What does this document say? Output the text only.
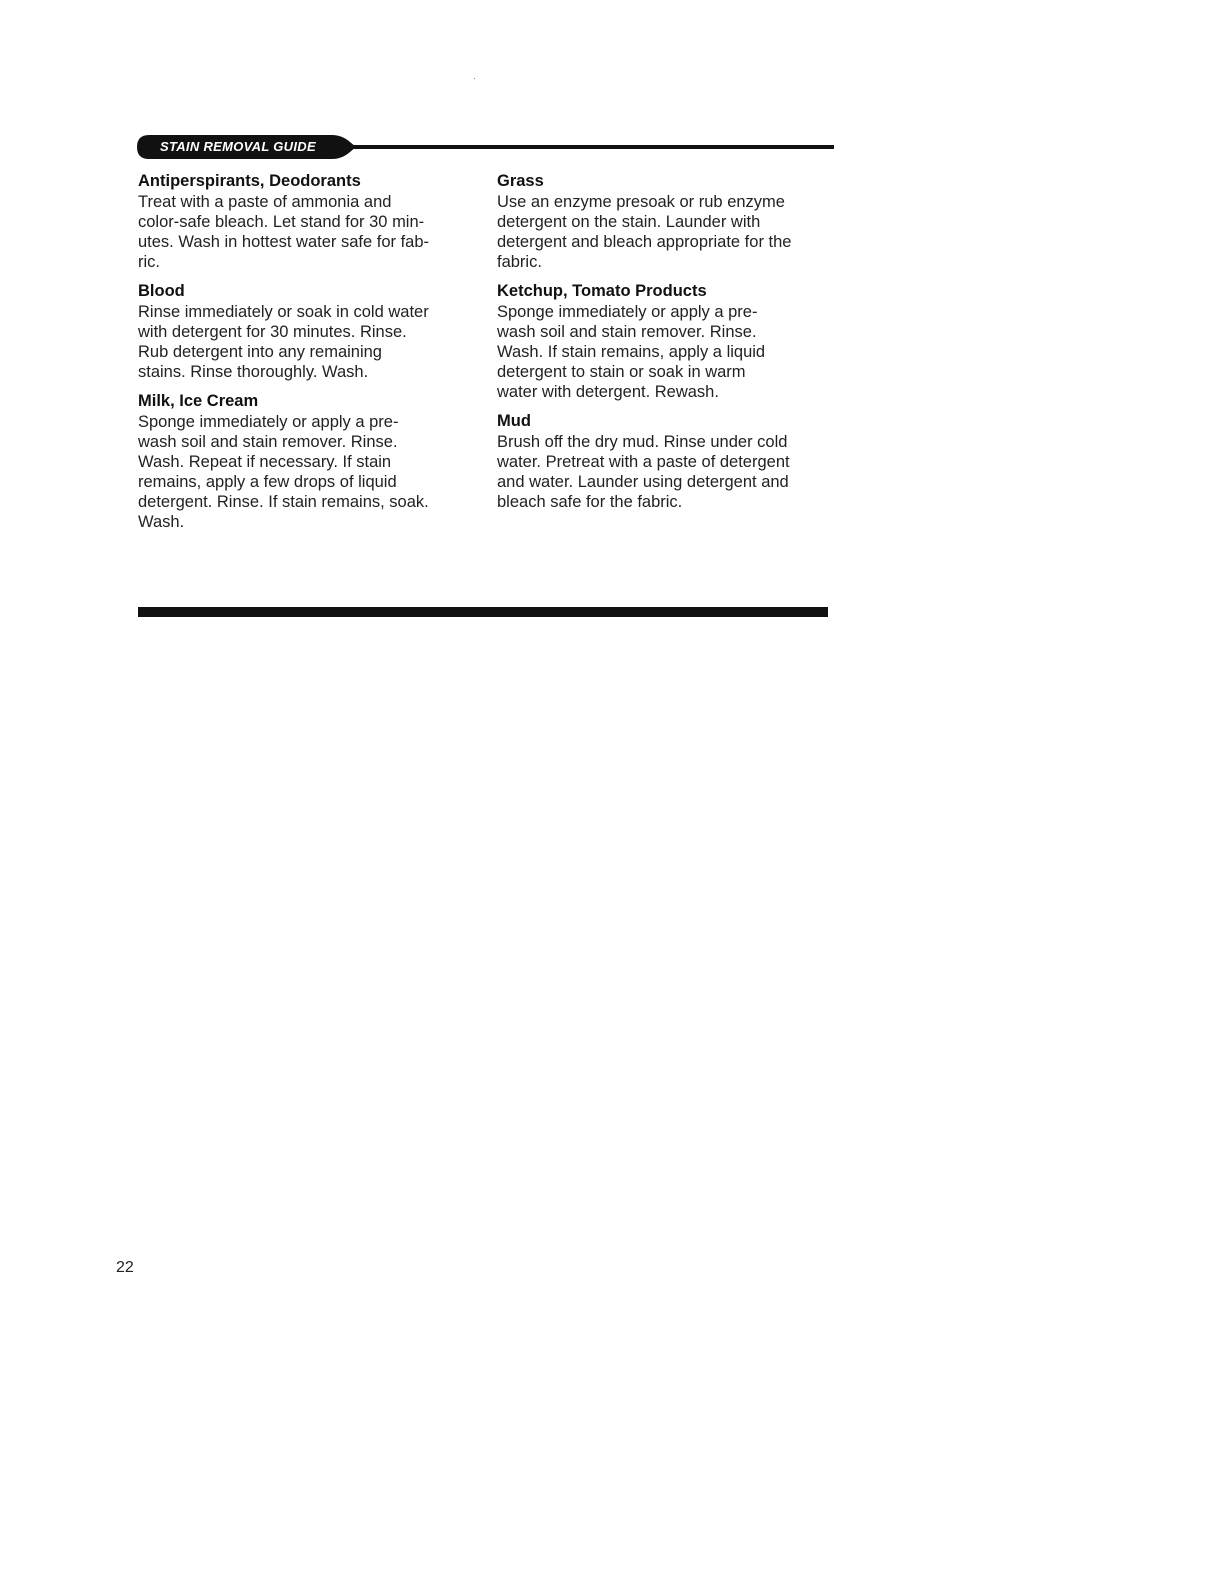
STAIN REMOVAL GUIDE

Antiperspirants, Deodorants

Treat with a paste of ammonia and
color-safe bleach. Let stand for 30 min-
utes. Wash in hottest water safe for fab-
ric.

Blood

Rinse immediately or soak in cold water
with detergent for 30 minutes. Rinse.
Rub detergent into any remaining
stains. Rinse thoroughly. Wash.

Milk, Ice Cream

Sponge immediately or apply a pre-
wash soil and stain remover. Rinse.
Wash. Repeat if necessary. If stain
remains, apply a few drops of liquid
detergent. Rinse. If stain remains, soak.
Wash.

Grass

Use an enzyme presoak or rub enzyme
detergent on the stain. Launder with
detergent and bleach appropriate for the
fabric.

Ketchup, Tomato Products

Sponge immediately or apply a pre-
wash soil and stain remover. Rinse.
Wash. If stain remains, apply a liquid
detergent to stain or soak in warm
water with detergent. Rewash.

Mud

Brush off the dry mud. Rinse under cold
water. Pretreat with a paste of detergent
and water. Launder using detergent and
bleach safe for the fabric.
22
